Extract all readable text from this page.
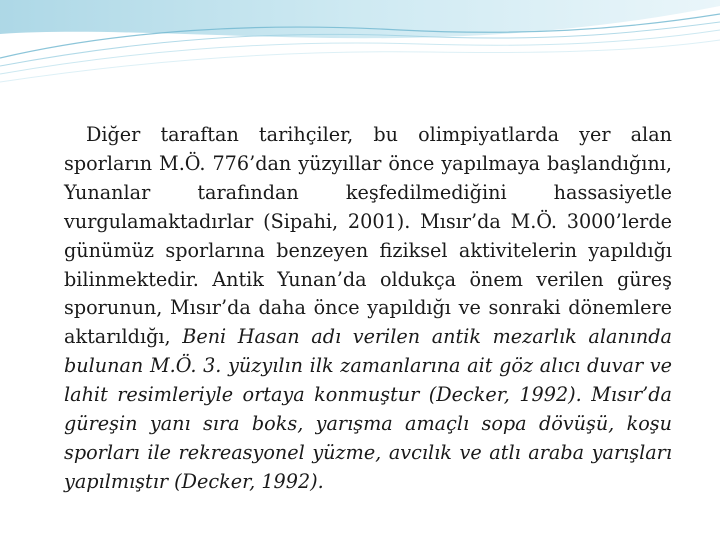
Diğer taraftan tarihçiler, bu olimpiyatlarda yer alan sporların M.Ö. 776’dan yüzyıllar önce yapılmaya başlandığını, Yunanlar tarafından keşfedilmediğini hassasiyetle vurgulamaktadırlar (Sipahi, 2001). Mısır’da M.Ö. 3000’lerde günümüz sporlarına benzeyen fiziksel aktivitelerin yapıldığı bilinmektedir. Antik Yunan’da oldukça önem verilen güreş sporunun, Mısır’da daha önce yapıldığı ve sonraki dönemlere aktarıldığı, Beni Hasan adı verilen antik mezarlık alanında bulunan M.Ö. 3. yüzyılın ilk zamanlarına ait göz alıcı duvar ve lahit resimleriyle ortaya konmuştur (Decker, 1992). Mısır’da güreşin yanı sıra boks, yarışma amaçlı sopa dövüşü, koşu sporları ile rekreasyonel yüzme, avcılık ve atlı araba yarışları yapılmıştır (Decker, 1992).
